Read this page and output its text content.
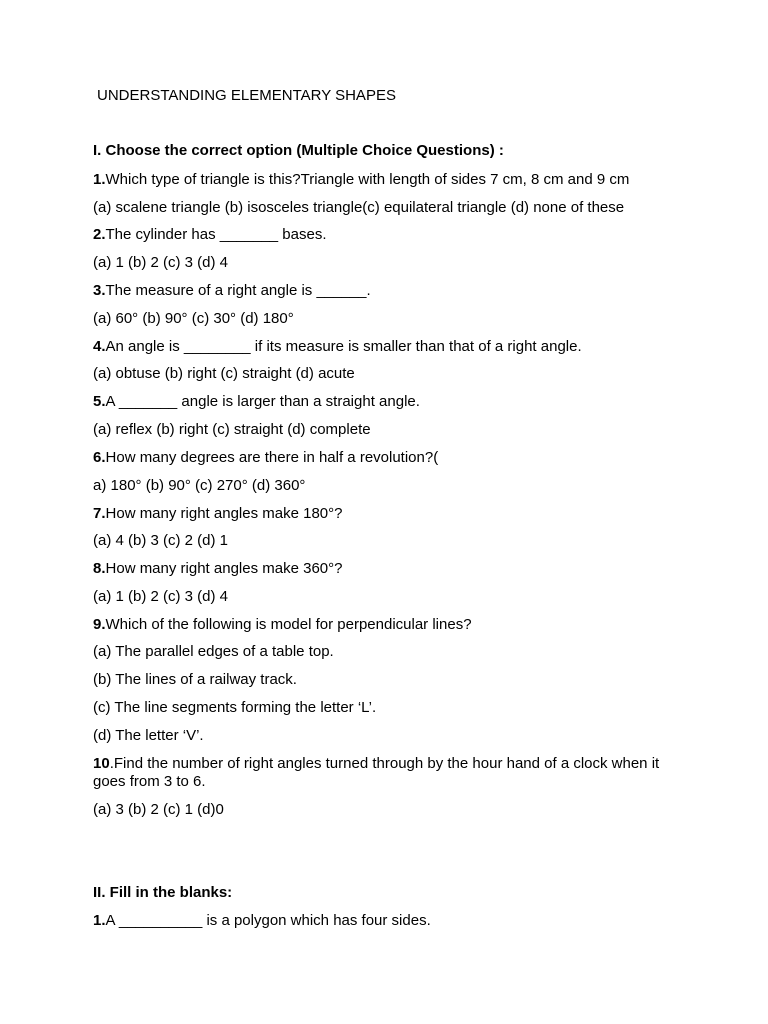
UNDERSTANDING ELEMENTARY SHAPES
I. Choose the correct option (Multiple Choice Questions) :
1.Which type of triangle is this?Triangle with length of sides 7 cm, 8 cm and 9 cm
(a) scalene triangle (b) isosceles triangle(c) equilateral triangle (d) none of these
2.The cylinder has _______ bases.
(a) 1 (b) 2 (c) 3 (d) 4
3.The measure of a right angle is ______.
(a) 60° (b) 90° (c) 30° (d) 180°
4.An angle is ________ if its measure is smaller than that of a right angle.
(a) obtuse (b) right (c) straight (d) acute
5.A _______ angle is larger than a straight angle.
(a) reflex (b) right (c) straight (d) complete
6.How many degrees are there in half a revolution?(
a) 180° (b) 90° (c) 270° (d) 360°
7.How many right angles make 180°?
(a) 4 (b) 3 (c) 2 (d) 1
8.How many right angles make 360°?
(a) 1 (b) 2 (c) 3 (d) 4
9.Which of the following is model for perpendicular lines?
(a) The parallel edges of a table top.
(b) The lines of a railway track.
(c) The line segments forming the letter ‘L’.
(d) The letter ‘V’.
10.Find the number of right angles turned through by the hour hand of a clock when it goes from 3 to 6.
(a) 3 (b) 2 (c) 1 (d)0
II. Fill in the blanks:
1.A __________ is a polygon which has four sides.
